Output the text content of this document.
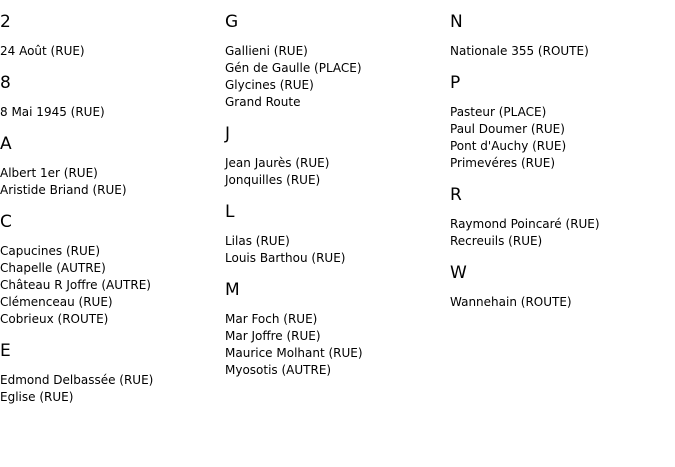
2
24 Août (RUE)
8
8 Mai 1945 (RUE)
A
Albert 1er (RUE)
Aristide Briand (RUE)
C
Capucines (RUE)
Chapelle (AUTRE)
Château R Joffre (AUTRE)
Clémenceau (RUE)
Cobrieux (ROUTE)
E
Edmond Delbassée (RUE)
Eglise (RUE)
G
Gallieni (RUE)
Gén de Gaulle (PLACE)
Glycines (RUE)
Grand Route
J
Jean Jaurès (RUE)
Jonquilles (RUE)
L
Lilas (RUE)
Louis Barthou (RUE)
M
Mar Foch (RUE)
Mar Joffre (RUE)
Maurice Molhant (RUE)
Myosotis (AUTRE)
N
Nationale 355 (ROUTE)
P
Pasteur (PLACE)
Paul Doumer (RUE)
Pont d'Auchy (RUE)
Primevéres (RUE)
R
Raymond Poincaré (RUE)
Recreuils (RUE)
W
Wannehain (ROUTE)
